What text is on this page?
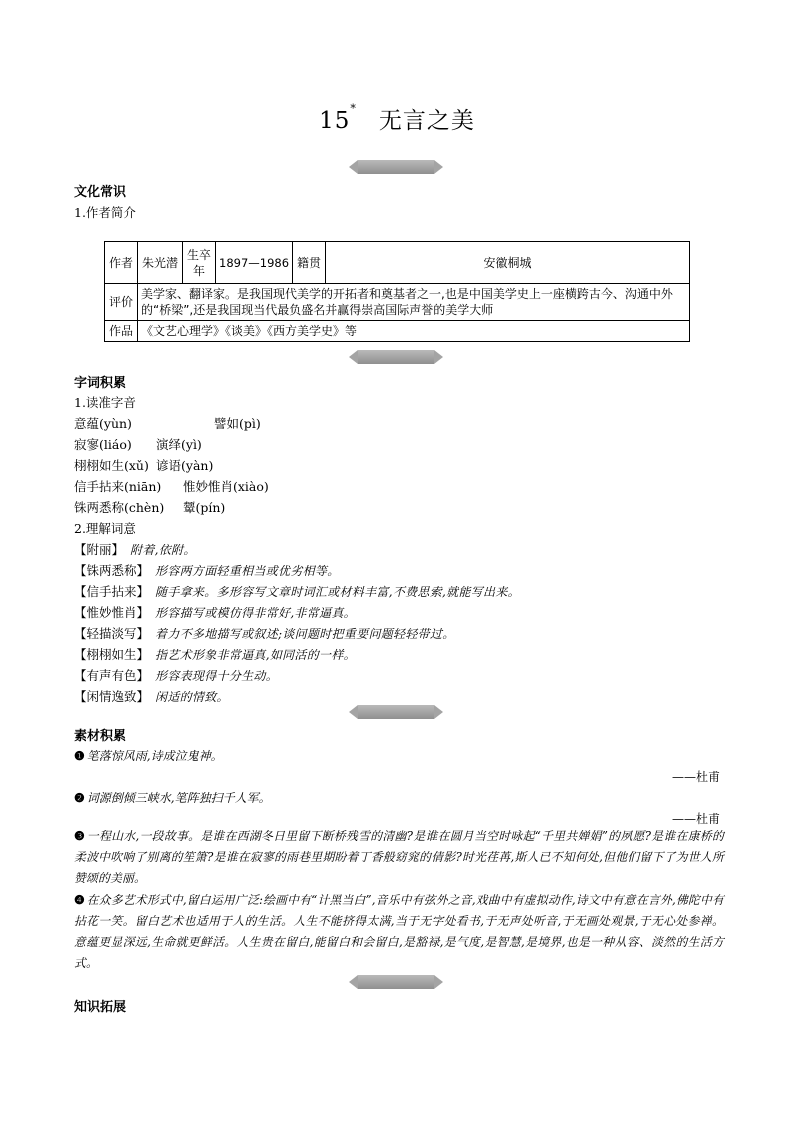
15* 无言之美
文化常识
1.作者简介
作者	朱光潜	生卒年	1897—1986	籍贯	安徽桐城
评价	美学家、翻译家。是我国现代美学的开拓者和奠基者之一,也是中国美学史上一座横跨古今、沟通中外的“桥梁”,还是我国现当代最负盛名并赢得崇高国际声誉的美学大师				
作品	《文艺心理学》《谈美》《西方美学史》等				
字词积累
1.读准字音
意蕴(yùn)	譬如(pì)
寂寥(liáo) 演绎(yì)
栩栩如生(xǔ) 谚语(yàn)
信手拈来(niān) 惟妙惟肖(xiào)
铢两悉称(chèn) 颦(pín)
2.理解词意
【附丽】 附着,依附。
【铢两悉称】 形容两方面轻重相当或优劣相等。
【信手拈来】 随手拿来。多形容写文章时词汇或材料丰富,不费思索,就能写出来。
【惟妙惟肖】 形容描写或模仿得非常好,非常逼真。
【轻描淡写】 着力不多地描写或叙述;谈问题时把重要问题轻轻带过。
【栩栩如生】 指艺术形象非常逼真,如同活的一样。
【有声有色】 形容表现得十分生动。
【闲情逸致】 闲适的情致。
素材积累
❶ 笔落惊风雨,诗成泣鬼神。
——杜甫
❷ 词源倒倾三峡水,笔阵独扫千人军。
——杜甫
❸ 一程山水,一段故事。是谁在西湖冬日里留下断桥残雪的清幽?是谁在圆月当空时咏起“千里共婵娟”的夙愿?是谁在康桥的柔波中吹响了别离的笙箫?是谁在寂寥的雨巷里期盼着丁香般窈窕的倩影?时光荏苒,斯人已不知何处,但他们留下了为世人所赞颂的美丽。
❹ 在众多艺术形式中,留白运用广泛:绘画中有“计黑当白”,音乐中有弦外之音,戏曲中有虚拟动作,诗文中有意在言外,佛陀中有拈花一笑。留白艺术也适用于人的生活。人生不能挤得太满,当于无字处看书,于无声处听音,于无画处观景,于无心处参禅。意蕴更显深远,生命就更鲜活。人生贵在留白,能留白和会留白,是豁禄,是气度,是智慧,是境界,也是一种从容、淡然的生活方式。
知识拓展
